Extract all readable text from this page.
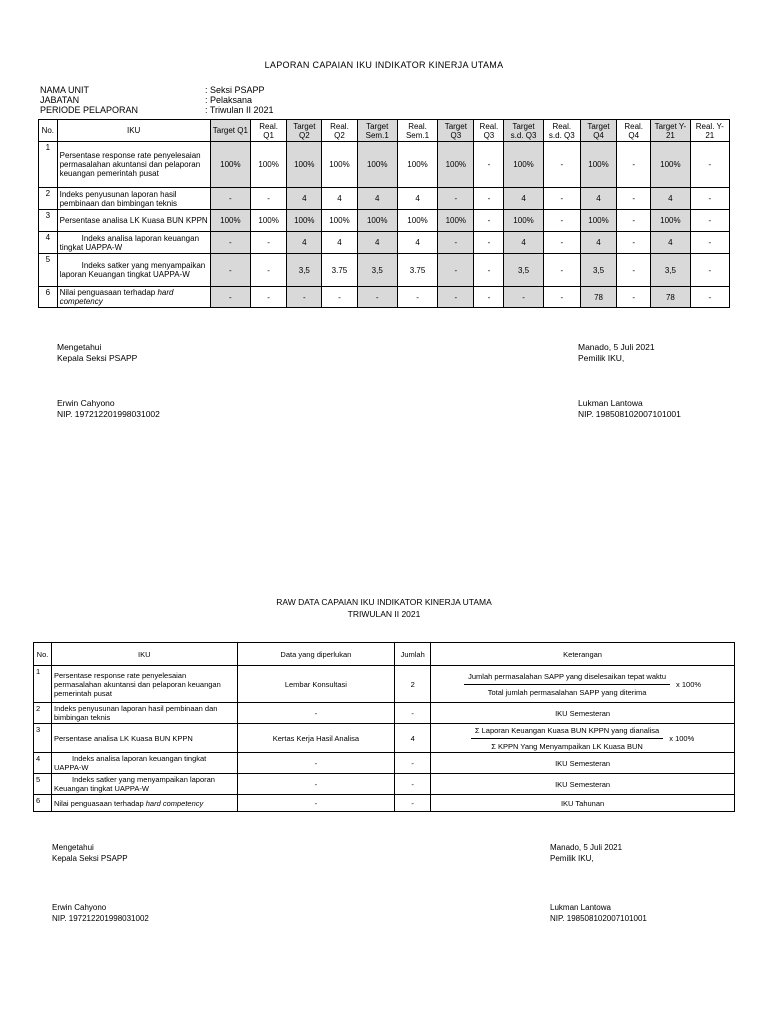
LAPORAN CAPAIAN IKU INDIKATOR KINERJA UTAMA
NAMA UNIT	: Seksi PSAPP
JABATAN	: Pelaksana
PERIODE PELAPORAN	: Triwulan II 2021
No.	IKU	Target Q1	Real. Q1	Target Q2	Real. Q2	Target Sem.1	Real. Sem.1	Target Q3	Real. Q3	Target s.d. Q3	Real. s.d. Q3	Target Q4	Real. Q4	Target Y-21	Real. Y-21
1	Persentase response rate penyelesaian permasalahan akuntansi dan pelaporan keuangan pemerintah pusat	100%	100%	100%	100%	100%	100%	100%	-	100%	-	100%	-	100%	-
2	Indeks penyusunan laporan hasil pembinaan dan bimbingan teknis	-	-	4	4	4	4	-	-	4	-	4	-	4	-
3	Persentase analisa LK Kuasa BUN KPPN	100%	100%	100%	100%	100%	100%	100%	-	100%	-	100%	-	100%	-
4	Indeks analisa laporan keuangan tingkat UAPPA-W	-	-	4	4	4	4	-	-	4	-	4	-	4	-
5	Indeks satker yang menyampaikan laporan Keuangan tingkat UAPPA-W	-	-	3,5	3.75	3,5	3.75	-	-	3,5	-	3,5	-	3,5	-
6	Nilai penguasaan terhadap hard competency	-	-	-	-	-	-	-	-	-	-	78	-	78	-
Mengetahui
Kepala Seksi PSAPP
Erwin Cahyono
NIP. 197212201998031002
Manado, 5 Juli 2021
Pemilik IKU,
Lukman Lantowa
NIP. 198508102007101001
RAW DATA CAPAIAN IKU INDIKATOR KINERJA UTAMA
TRIWULAN II 2021
No.	IKU	Data yang diperlukan	Jumlah	Keterangan
1	Persentase response rate penyelesaian permasalahan akuntansi dan pelaporan keuangan pemerintah pusat	Lembar Konsultasi	2	Jumlah permasalahan SAPP yang diselesaikan tepat waktu
Total jumlah permasalahan SAPP yang diterima
x 100%

2	Indeks penyusunan laporan hasil pembinaan dan bimbingan teknis	-	-	IKU Semesteran
3	Persentase analisa LK Kuasa BUN KPPN	Kertas Kerja Hasil Analisa	4	Σ Laporan Keuangan Kuasa BUN KPPN yang dianalisa
Σ KPPN Yang Menyampaikan LK Kuasa BUN
x 100%

4	Indeks analisa laporan keuangan tingkat UAPPA-W	-	-	IKU Semesteran
5	Indeks satker yang menyampaikan laporan Keuangan tingkat UAPPA-W	-	-	IKU Semesteran
6	Nilai penguasaan terhadap hard competency	-	-	IKU Tahunan
Mengetahui
Kepala Seksi PSAPP
Erwin Cahyono
NIP. 197212201998031002
Manado, 5 Juli 2021
Pemilik IKU,
Lukman Lantowa
NIP. 198508102007101001
